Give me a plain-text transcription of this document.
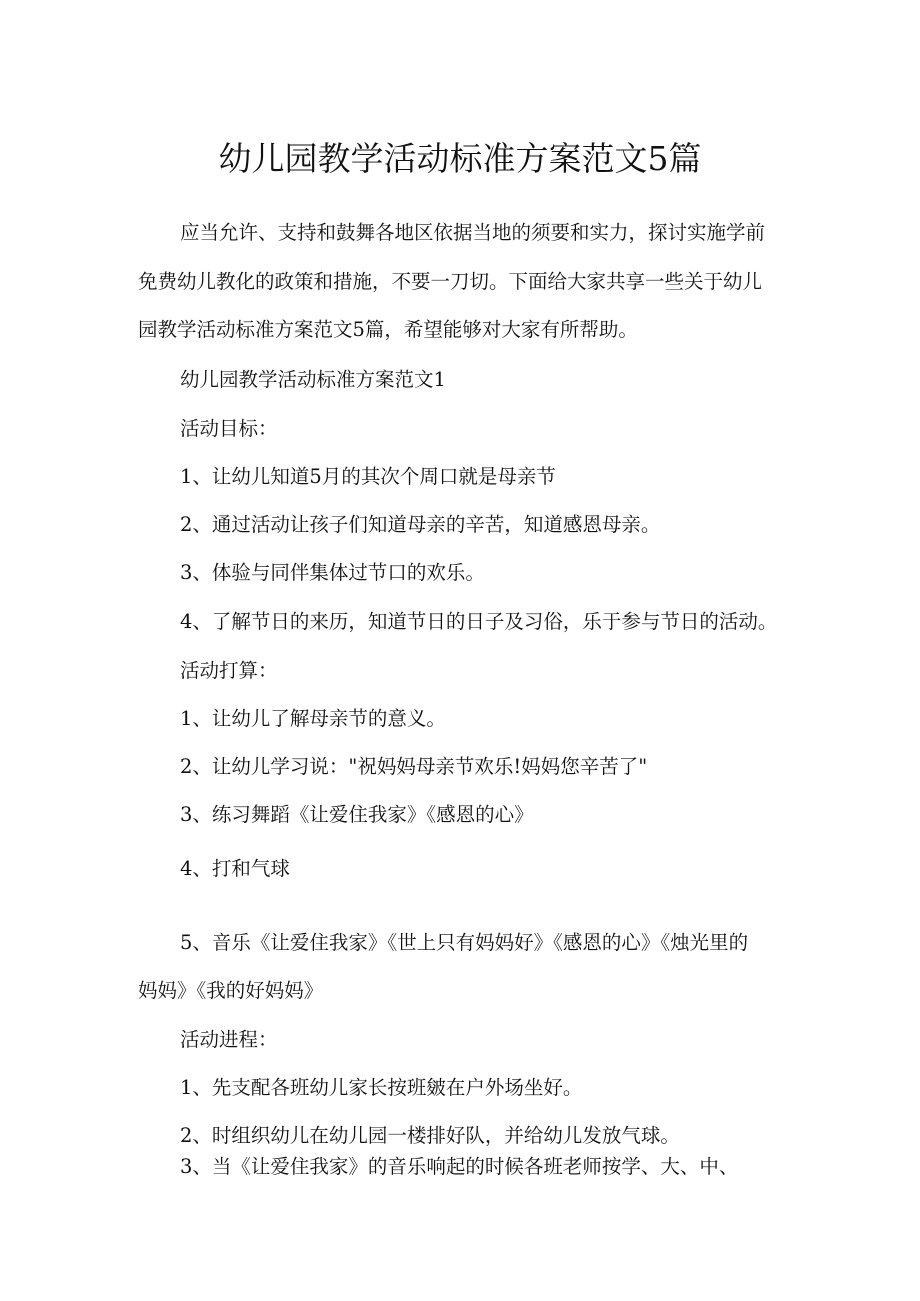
幼儿园教学活动标准方案范文5篇
应当允许、支持和鼓舞各地区依据当地的须要和实力，探讨实施学前
免费幼儿教化的政策和措施，不要一刀切。下面给大家共享一些关于幼儿
园教学活动标准方案范文5篇，希望能够对大家有所帮助。
幼儿园教学活动标准方案范文1
活动目标：
1、让幼儿知道5月的其次个周口就是母亲节
2、通过活动让孩子们知道母亲的辛苦，知道感恩母亲。
3、体验与同伴集体过节口的欢乐。
4、了解节日的来历，知道节日的日子及习俗，乐于参与节日的活动。
活动打算：
1、让幼儿了解母亲节的意义。
2、让幼儿学习说："祝妈妈母亲节欢乐!妈妈您辛苦了"
3、练习舞蹈《让爱住我家》《感恩的心》
4、打和气球
5、音乐《让爱住我家》《世上只有妈妈好》《感恩的心》《烛光里的
妈妈》《我的好妈妈》
活动进程：
1、先支配各班幼儿家长按班皴在户外场坐好。
2、时组织幼儿在幼儿园一楼排好队，并给幼儿发放气球。
3、当《让爱住我家》的音乐响起的时候各班老师按学、大、中、
